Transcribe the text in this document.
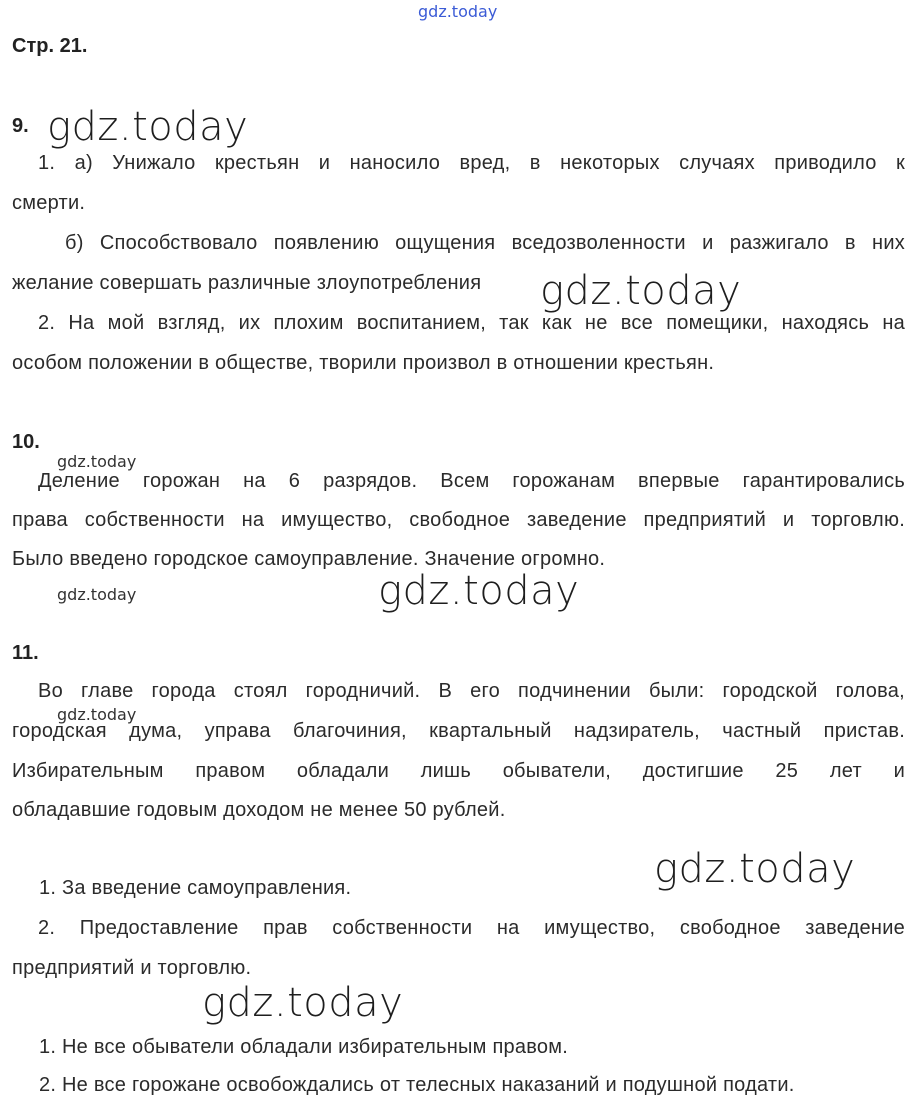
gdz.today
Стр. 21.
9. gdz.today
1. а) Унижало крестьян и наносило вред, в некоторых случаях приводило к
смерти.
б) Способствовало появлению ощущения вседозволенности и разжигало в них
желание совершать различные злоупотребления gdz.today
2. На мой взгляд, их плохим воспитанием, так как не все помещики, находясь на
особом положении в обществе, творили произвол в отношении крестьян.
10.
gdz.today
Деление горожан на 6 разрядов. Всем горожанам впервые гарантировались
права собственности на имущество, свободное заведение предприятий и торговлю.
Было введено городское самоуправление. Значение огромно.
gdz.today	gdz.today
11.
Во главе города стоял городничий. В его подчинении были: городской голова,
gdz.today
городская дума, управа благочиния, квартальный надзиратель, частный пристав.
Избирательным правом обладали лишь обыватели, достигшие 25 лет и
обладавшие годовым доходом не менее 50 рублей.
gdz.today
1. За введение самоуправления.
2. Предоставление прав собственности на имущество, свободное заведение
предприятий и торговлю.
gdz.today
1. Не все обыватели обладали избирательным правом.
2. Не все горожане освобождались от телесных наказаний и подушной подати.
